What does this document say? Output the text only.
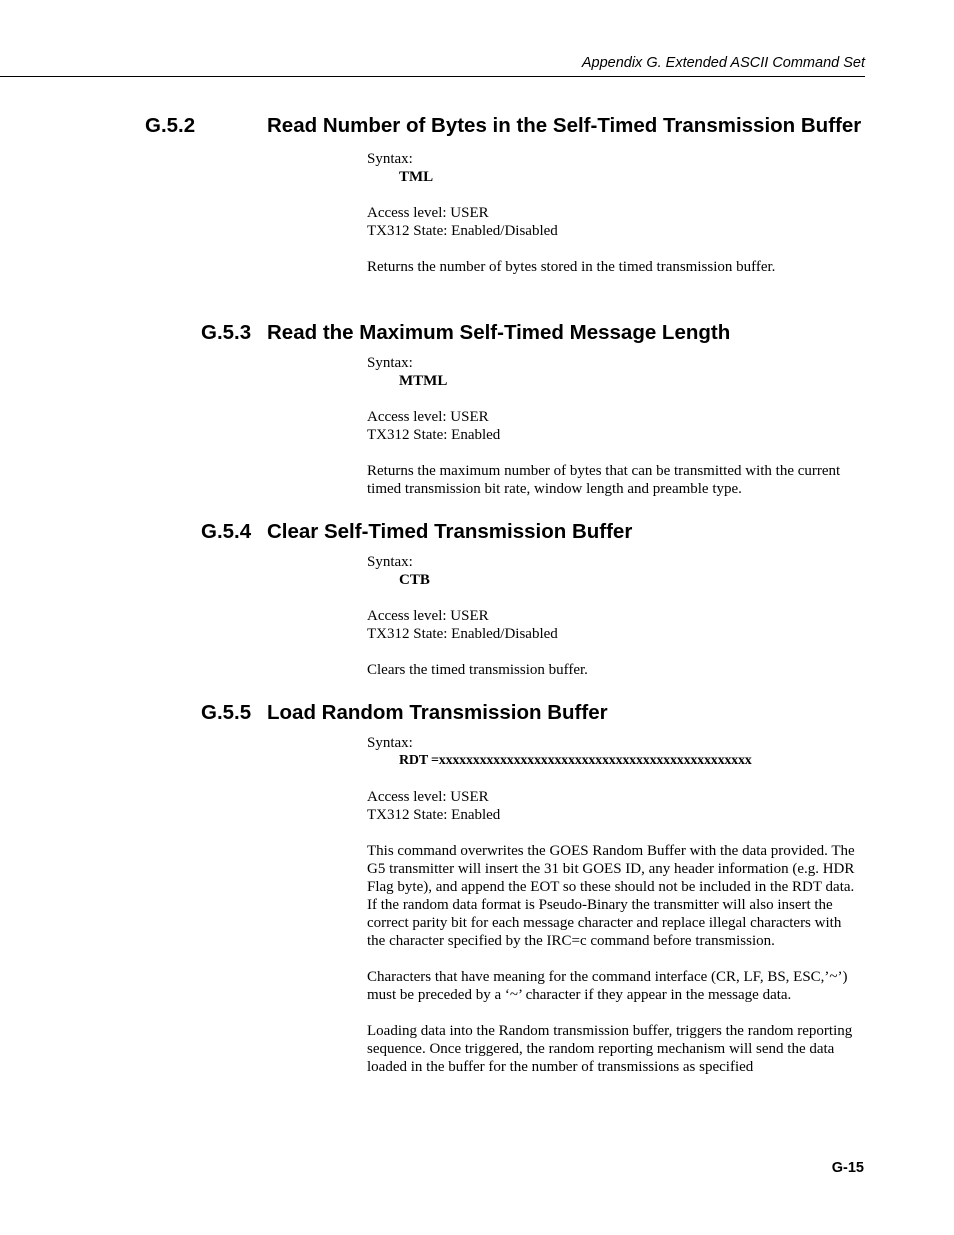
Appendix G. Extended ASCII Command Set
G.5.2	Read Number of Bytes in the Self-Timed Transmission Buffer

Syntax:

TML

Access level: USER

TX312 State: Enabled/Disabled

Returns the number of bytes stored in the timed transmission buffer.

G.5.3 Read the Maximum Self-Timed Message Length

Syntax:

MTML

Access level: USER

TX312 State: Enabled

Returns the maximum number of bytes that can be transmitted with the current timed transmission bit rate, window length and preamble type.

G.5.4 Clear Self-Timed Transmission Buffer

Syntax:

CTB

Access level: USER

TX312 State: Enabled/Disabled

Clears the timed transmission buffer.

G.5.5 Load Random Transmission Buffer

Syntax:

RDT =xxxxxxxxxxxxxxxxxxxxxxxxxxxxxxxxxxxxxxxxxxxxxx

Access level: USER

TX312 State: Enabled

This command overwrites the GOES Random Buffer with the data provided. The G5 transmitter will insert the 31 bit GOES ID, any header information (e.g. HDR Flag byte), and append the EOT so these should not be included in the RDT data. If the random data format is Pseudo-Binary the transmitter will also insert the correct parity bit for each message character and replace illegal characters with the character specified by the IRC=c command before transmission.

Characters that have meaning for the command interface (CR, LF, BS, ESC,’~’) must be preceded by a ‘~’ character if they appear in the message data.

Loading data into the Random transmission buffer, triggers the random reporting sequence. Once triggered, the random reporting mechanism will send the data loaded in the buffer for the number of transmissions as specified

G-15
